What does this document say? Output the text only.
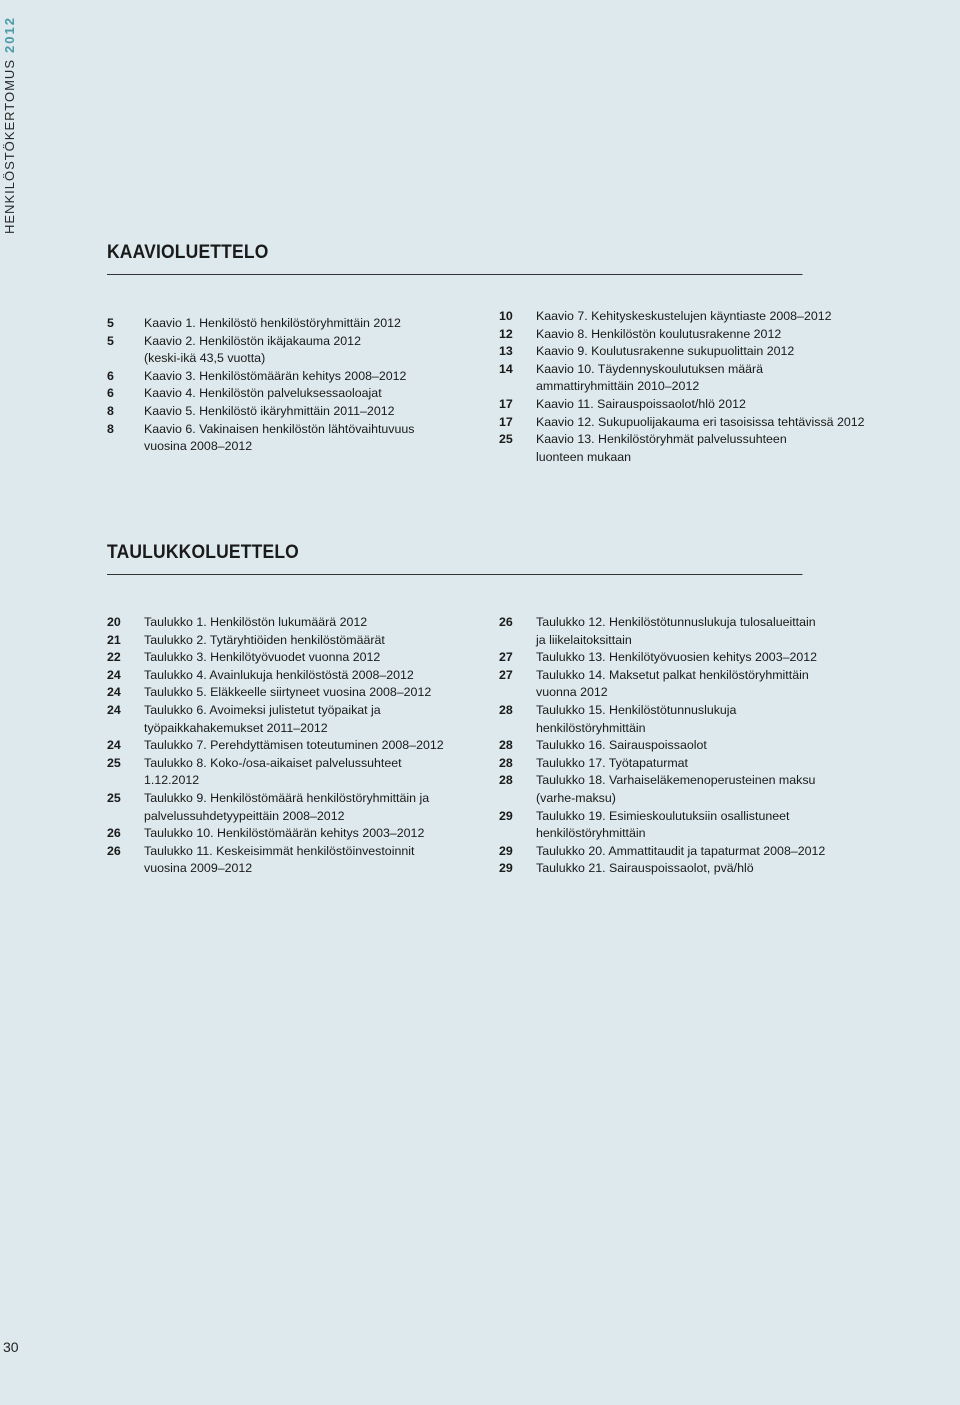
HENKILÖSTÖKERTOMUS2012
KAAVIOLUETTELO
5	Kaavio 1. Henkilöstö henkilöstöryhmittäin 2012
5	Kaavio 2. Henkilöstön ikäjakauma 2012
(keski-ikä 43,5 vuotta)
6	Kaavio 3. Henkilöstömäärän kehitys 2008–2012
6	Kaavio 4. Henkilöstön palveluksessaoloajat
8	Kaavio 5. Henkilöstö ikäryhmittäin 2011–2012
8	Kaavio 6. Vakinaisen henkilöstön lähtövaihtuvuus
vuosina 2008–2012
10	Kaavio 7. Kehityskeskustelujen käyntiaste 2008–2012
12	Kaavio 8. Henkilöstön koulutusrakenne 2012
13	Kaavio 9. Koulutusrakenne sukupuolittain 2012
14	Kaavio 10. Täydennyskoulutuksen määrä
ammattiryhmittäin 2010–2012
17	Kaavio 11. Sairauspoissaolot/hlö 2012
17	Kaavio 12. Sukupuolijakauma eri tasoisissa tehtävissä 2012
25	Kaavio 13. Henkilöstöryhmät palvelussuhteen
luonteen mukaan
TAULUKKOLUETTELO
20	Taulukko 1. Henkilöstön lukumäärä 2012
21	Taulukko 2. Tytäryhtiöiden henkilöstömäärät
22	Taulukko 3. Henkilötyövuodet vuonna 2012
24	Taulukko 4. Avainlukuja henkilöstöstä 2008–2012
24	Taulukko 5. Eläkkeelle siirtyneet vuosina 2008–2012
24	Taulukko 6. Avoimeksi julistetut työpaikat ja
työpaikkahakemukset 2011–2012
24	Taulukko 7. Perehdyttämisen toteutuminen 2008–2012
25	Taulukko 8. Koko-/osa-aikaiset palvelussuhteet
1.12.2012
25	Taulukko 9. Henkilöstömäärä henkilöstöryhmittäin ja
palvelussuhdetyypeittäin 2008–2012
26	Taulukko 10. Henkilöstömäärän kehitys 2003–2012
26	Taulukko 11. Keskeisimmät henkilöstöinvestoinnit
vuosina 2009–2012
26	Taulukko 12. Henkilöstötunnuslukuja tulosalueittain
ja liikelaitoksittain
27	Taulukko 13. Henkilötyövuosien kehitys 2003–2012
27	Taulukko 14. Maksetut palkat henkilöstöryhmittäin
vuonna 2012
28	Taulukko 15. Henkilöstötunnuslukuja
henkilöstöryhmittäin
28	Taulukko 16. Sairauspoissaolot
28	Taulukko 17. Työtapaturmat
28	Taulukko 18. Varhaiseläkemenoperusteinen maksu
(varhe-maksu)
29	Taulukko 19. Esimieskoulutuksiin osallistuneet
henkilöstöryhmittäin
29	Taulukko 20. Ammattitaudit ja tapaturmat 2008–2012
29	Taulukko 21. Sairauspoissaolot, pvä/hlö
30
